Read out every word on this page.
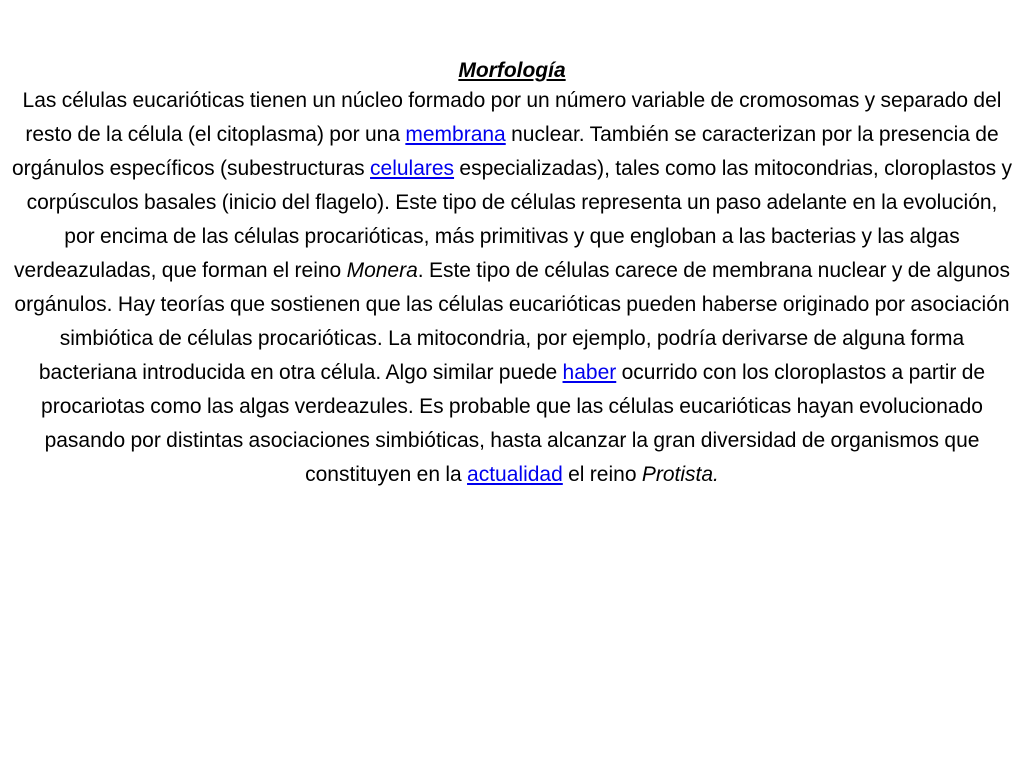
Morfología

Las células eucarióticas tienen un núcleo formado por un número variable de cromosomas y separado del resto de la célula (el citoplasma) por una membrana nuclear. También se caracterizan por la presencia de orgánulos específicos (subestructuras celulares especializadas), tales como las mitocondrias, cloroplastos y corpúsculos basales (inicio del flagelo). Este tipo de células representa un paso adelante en la evolución, por encima de las células procarióticas, más primitivas y que engloban a las bacterias y las algas verdeazuladas, que forman el reino Monera. Este tipo de células carece de membrana nuclear y de algunos orgánulos. Hay teorías que sostienen que las células eucarióticas pueden haberse originado por asociación simbiótica de células procarióticas. La mitocondria, por ejemplo, podría derivarse de alguna forma bacteriana introducida en otra célula. Algo similar puede haber ocurrido con los cloroplastos a partir de procariotas como las algas verdeazules. Es probable que las células eucarióticas hayan evolucionado pasando por distintas asociaciones simbióticas, hasta alcanzar la gran diversidad de organismos que constituyen en la actualidad el reino Protista.
